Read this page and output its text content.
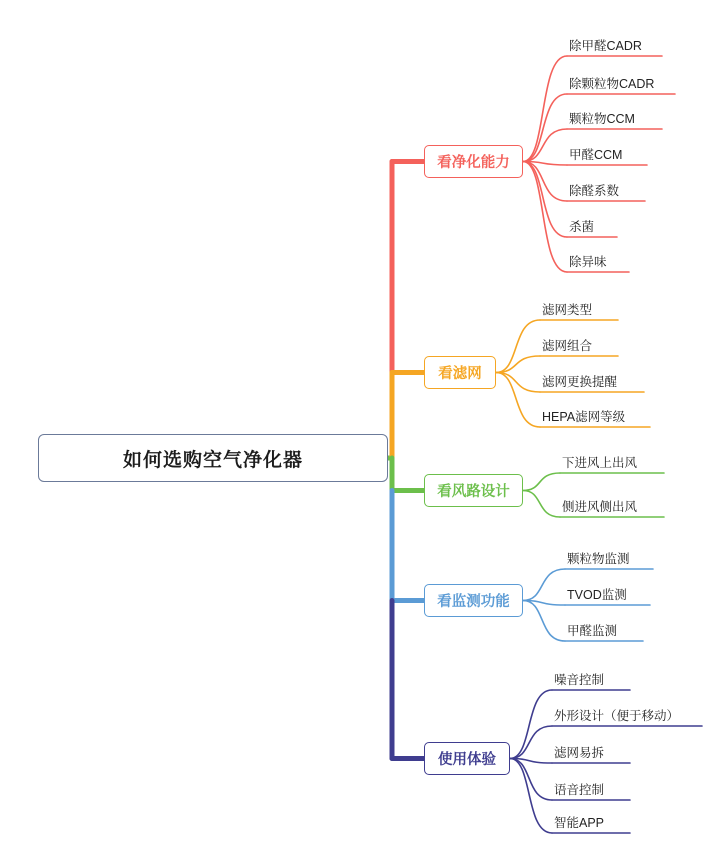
如何选购空气净化器
看净化能力
除甲醛CADR
除颗粒物CADR
颗粒物CCM
甲醛CCM
除醛系数
杀菌
除异味
看滤网
滤网类型
滤网组合
滤网更换提醒
HEPA滤网等级
看风路设计
下进风上出风
侧进风侧出风
看监测功能
颗粒物监测
TVOD监测
甲醛监测
使用体验
噪音控制
外形设计（便于移动）
滤网易拆
语音控制
智能APP
